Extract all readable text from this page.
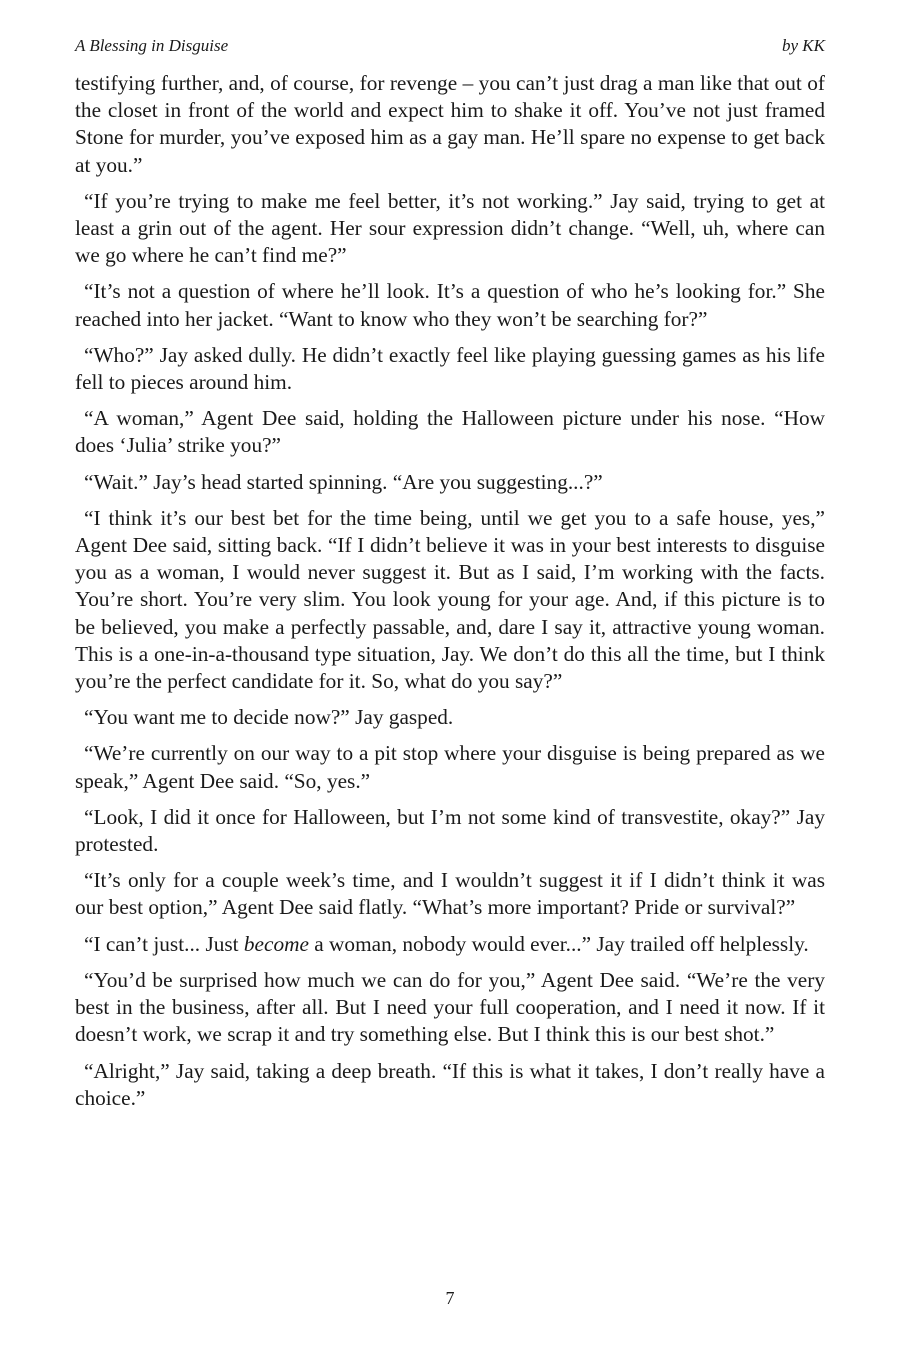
A Blessing in Disguise	by KK

testifying further, and, of course, for revenge – you can’t just drag a man like that out of the closet in front of the world and expect him to shake it off. You’ve not just framed Stone for murder, you’ve exposed him as a gay man. He’ll spare no expense to get back at you.”

“If you’re trying to make me feel better, it’s not working.” Jay said, trying to get at least a grin out of the agent. Her sour expression didn’t change. “Well, uh, where can we go where he can’t find me?”

“It’s not a question of where he’ll look. It’s a question of who he’s looking for.” She reached into her jacket. “Want to know who they won’t be searching for?”

“Who?” Jay asked dully. He didn’t exactly feel like playing guessing games as his life fell to pieces around him.

“A woman,” Agent Dee said, holding the Halloween picture under his nose. “How does ‘Julia’ strike you?”

“Wait.” Jay’s head started spinning. “Are you suggesting...?”

“I think it’s our best bet for the time being, until we get you to a safe house, yes,” Agent Dee said, sitting back. “If I didn’t believe it was in your best interests to disguise you as a woman, I would never suggest it. But as I said, I’m working with the facts. You’re short. You’re very slim. You look young for your age. And, if this picture is to be believed, you make a perfectly passable, and, dare I say it, attractive young woman. This is a one-in-a-thousand type situation, Jay. We don’t do this all the time, but I think you’re the perfect candidate for it. So, what do you say?”

“You want me to decide now?” Jay gasped.

“We’re currently on our way to a pit stop where your disguise is being prepared as we speak,” Agent Dee said. “So, yes.”

“Look, I did it once for Halloween, but I’m not some kind of transvestite, okay?” Jay protested.

“It’s only for a couple week’s time, and I wouldn’t suggest it if I didn’t think it was our best option,” Agent Dee said flatly. “What’s more important? Pride or survival?”

“I can’t just... Just become a woman, nobody would ever...” Jay trailed off helplessly.

“You’d be surprised how much we can do for you,” Agent Dee said. “We’re the very best in the business, after all. But I need your full cooperation, and I need it now. If it doesn’t work, we scrap it and try something else. But I think this is our best shot.”

“Alright,” Jay said, taking a deep breath. “If this is what it takes, I don’t really have a choice.”

7
